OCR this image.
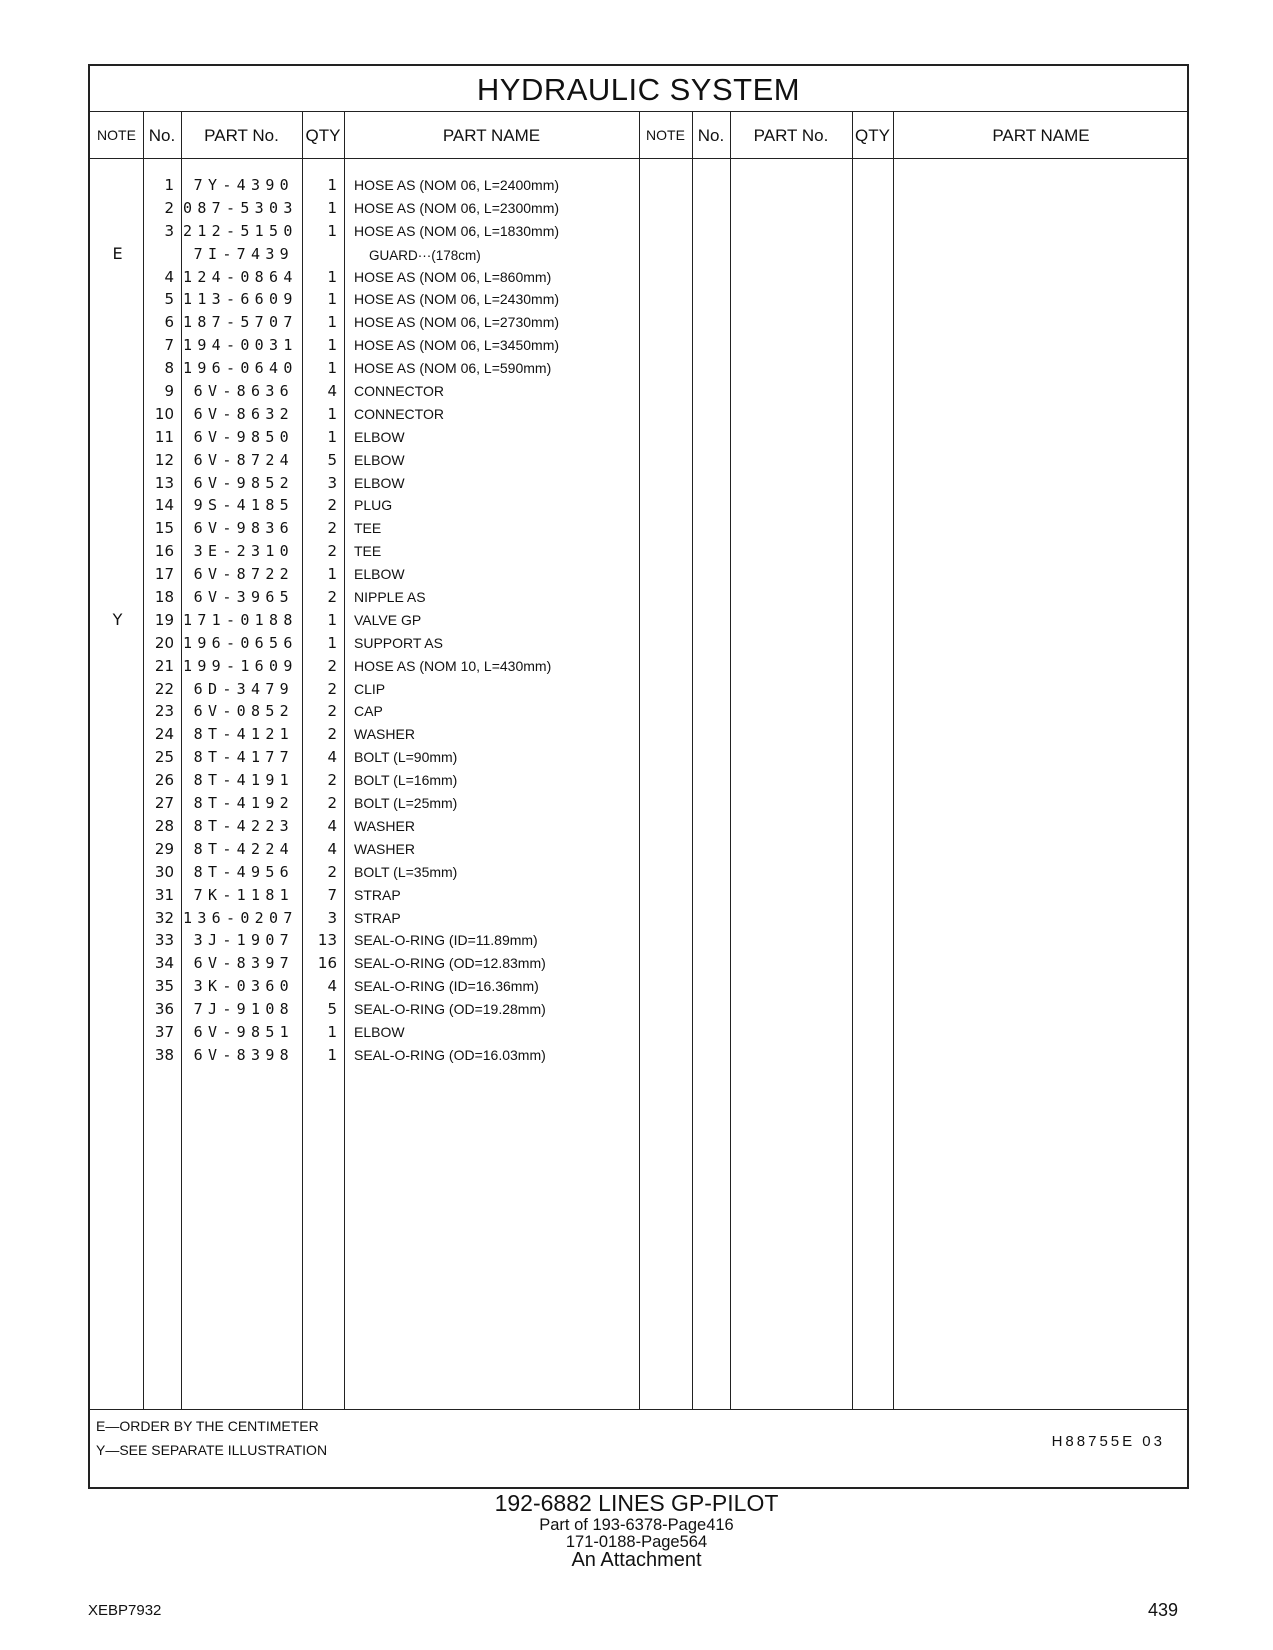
HYDRAULIC SYSTEM
NOTE No.	PART No.	QTY	PART NAME	NOTE No.	PART No.	QTY	PART NAME
1	7Y-4390	1 HOSE AS (NOM 06, L=2400mm)
2 087-5303	1 HOSE AS (NOM 06, L=2300mm)
3 212-5150	1 HOSE AS (NOM 06, L=1830mm)
E	7I-7439	GUARD···(178cm)
4 124-0864	1 HOSE AS (NOM 06, L=860mm)
5 113-6609	1 HOSE AS (NOM 06, L=2430mm)
6 187-5707	1 HOSE AS (NOM 06, L=2730mm)
7 194-0031	1 HOSE AS (NOM 06, L=3450mm)
8 196-0640	1 HOSE AS (NOM 06, L=590mm)
9	6V-8636	4 CONNECTOR
10	6V-8632	1 CONNECTOR
11	6V-9850	1 ELBOW
12	6V-8724	5 ELBOW
13	6V-9852	3 ELBOW
14	9S-4185	2 PLUG
15	6V-9836	2 TEE
16	3E-2310	2 TEE
17	6V-8722	1 ELBOW
18	6V-3965	2 NIPPLE AS
Y	19 171-0188	1 VALVE GP
20 196-0656	1 SUPPORT AS
21 199-1609	2 HOSE AS (NOM 10, L=430mm)
22	6D-3479	2 CLIP
23	6V-0852	2 CAP
24	8T-4121	2 WASHER
25	8T-4177	4 BOLT (L=90mm)
26	8T-4191	2 BOLT (L=16mm)
27	8T-4192	2 BOLT (L=25mm)
28	8T-4223	4 WASHER
29	8T-4224	4 WASHER
30	8T-4956	2 BOLT (L=35mm)
31	7K-1181	7 STRAP
32 136-0207	3 STRAP
33	3J-1907	13 SEAL-O-RING (ID=11.89mm)
34	6V-8397	16 SEAL-O-RING (OD=12.83mm)
35	3K-0360	4 SEAL-O-RING (ID=16.36mm)
36	7J-9108	5 SEAL-O-RING (OD=19.28mm)
37	6V-9851	1 ELBOW
38	6V-8398	1 SEAL-O-RING (OD=16.03mm)
E—ORDER BY THE CENTIMETER
Y—SEE SEPARATE ILLUSTRATION	H88755E 03
192-6882 LINES GP-PILOT
Part of 193-6378-Page416
171-0188-Page564
An Attachment
XEBP7932	439
